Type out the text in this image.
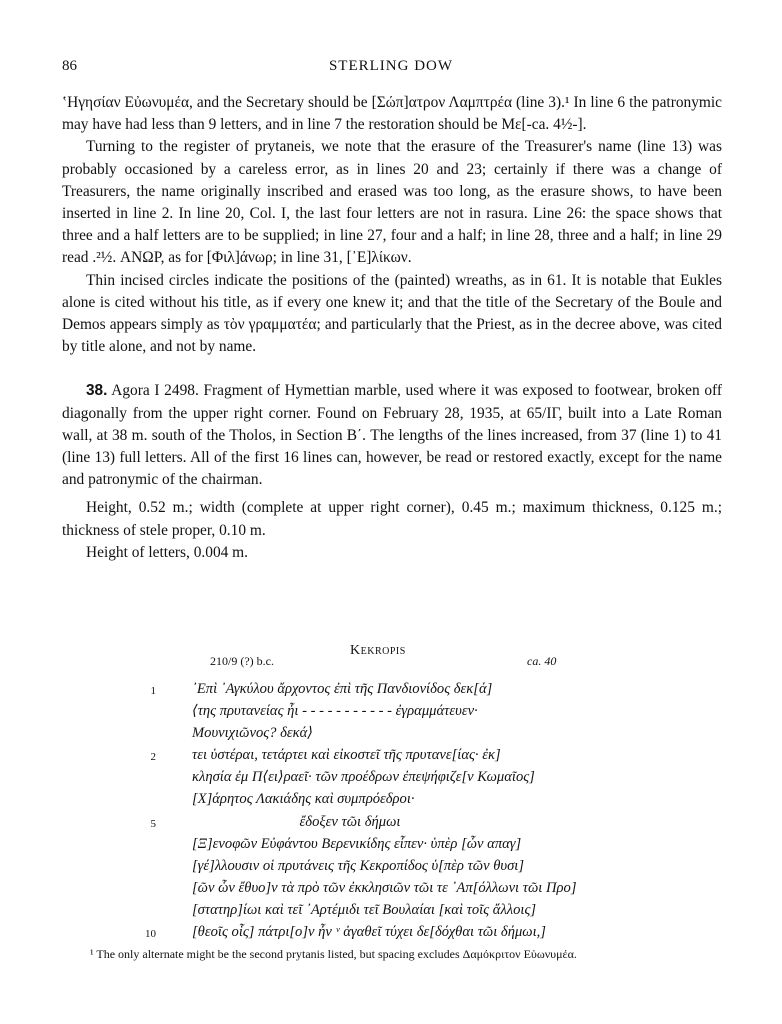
86	STERLING DOW

ʽΗγησίαν Εὐωνυμέα, and the Secretary should be [Σώπ]ατρον Λαμπτρέα (line 3).¹ In line 6 the patronymic may have had less than 9 letters, and in line 7 the restoration should be Με[-ca. 4½-].

Turning to the register of prytaneis, we note that the erasure of the Treasurer's name (line 13) was probably occasioned by a careless error, as in lines 20 and 23; certainly if there was a change of Treasurers, the name originally inscribed and erased was too long, as the erasure shows, to have been inserted in line 2. In line 20, Col. I, the last four letters are not in rasura. Line 26: the space shows that three and a half letters are to be supplied; in line 27, four and a half; in line 28, three and a half; in line 29 read .²½. ΑΝΩΡ, as for [Φιλ]άνωρ; in line 31, [᾿Ε]λίκων.

Thin incised circles indicate the positions of the (painted) wreaths, as in 61. It is notable that Eukles alone is cited without his title, as if every one knew it; and that the title of the Secretary of the Boule and Demos appears simply as τὸν γραμματέα; and particularly that the Priest, as in the decree above, was cited by title alone, and not by name.

38. Agora I 2498. Fragment of Hymettian marble, used where it was exposed to footwear, broken off diagonally from the upper right corner. Found on February 28, 1935, at 65/ΙΓ, built into a Late Roman wall, at 38 m. south of the Tholos, in Section Β΄. The lengths of the lines increased, from 37 (line 1) to 41 (line 13) full letters. All of the first 16 lines can, however, be read or restored exactly, except for the name and patronymic of the chairman.

Height, 0.52 m.; width (complete at upper right corner), 0.45 m.; maximum thickness, 0.125 m.; thickness of stele proper, 0.10 m.

Height of letters, 0.004 m.

Kekropis
210/9 (?) b.c.	ca. 40
1 ᾿Επὶ ᾿Αγκύλου ἄρχοντος ἐπὶ τῆς Πανδιονίδος δεκ[ά]
⟨της πρυτανείας ἧι - - - - - - - - - - - ἐγραμμάτευεν·
Μουνιχιῶνος? δεκά⟩
2 τει ὑστέραι, τετάρτει καὶ εἰκοστεῖ τῆς πρυτανε[ίας· ἐκ]
κλησία ἐμ Π⟨ει⟩ραεῖ· τῶν προέδρων ἐπεψήφιζε[ν Κωμαῖος]
[Χ]άρητος Λακιάδης καὶ συμπρόεδροι·
5	ἔδοξεν τῶι δήμωι
[Ξ]ενοφῶν Εὐφάντου Βερενικίδης εἶπεν· ὑπὲρ [ὧν απαγ]
[γέ]λλουσιν οἱ πρυτάνεις τῆς Κεκροπίδος ὑ[πὲρ τῶν θυσι]
[ῶν ὧν ἔθυο]ν τὰ πρὸ τῶν ἐκκλησιῶν τῶι τε ᾿Απ[όλλωνι τῶι Προ]
[στατηρ]ίωι καὶ τεῖ ᾿Αρτέμιδι τεῖ Βουλαίαι [καὶ τοῖς ἄλλοις]
10 [θεοῖς οἷς] πάτρι[ο]ν ἦν ᵛ ἀγαθεῖ τύχει δε[δόχθαι τῶι δήμωι,]
¹ The only alternate might be the second prytanis listed, but spacing excludes Δαμόκριτον Εὐωνυμέα.
